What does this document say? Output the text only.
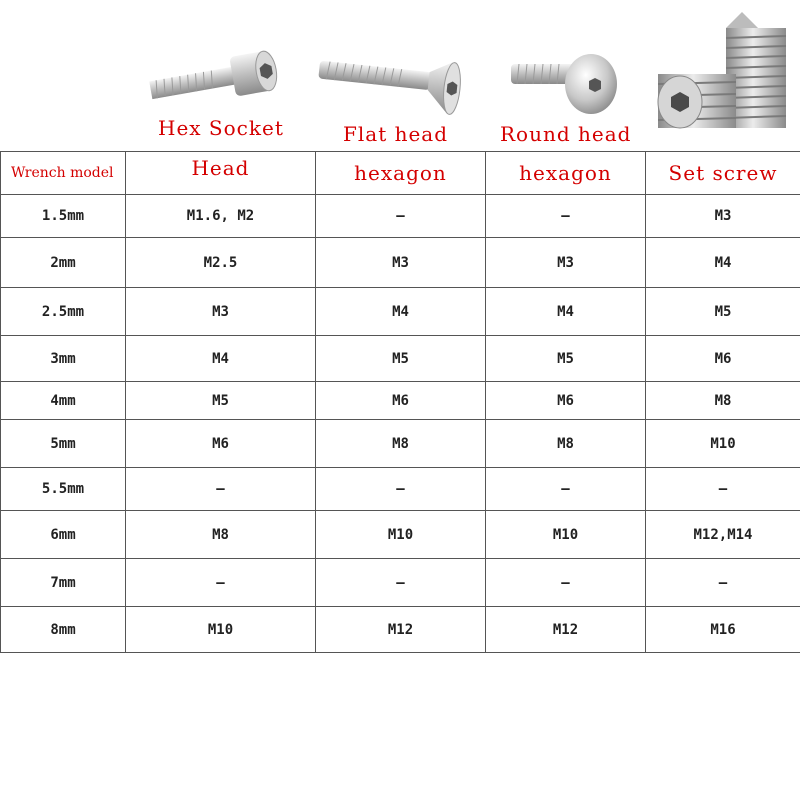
Hex Socket	Flat head	Round head
Wrench model	Head	hexagon	hexagon	Set screw
1.5mm	M1.6, M2	—	—	M3
2mm	M2.5	M3	M3	M4
2.5mm	M3	M4	M4	M5
3mm	M4	M5	M5	M6
4mm	M5	M6	M6	M8
5mm	M6	M8	M8	M10
5.5mm	—	—	—	—
6mm	M8	M10	M10	M12,M14
7mm	—	—	—	—
8mm	M10	M12	M12	M16
